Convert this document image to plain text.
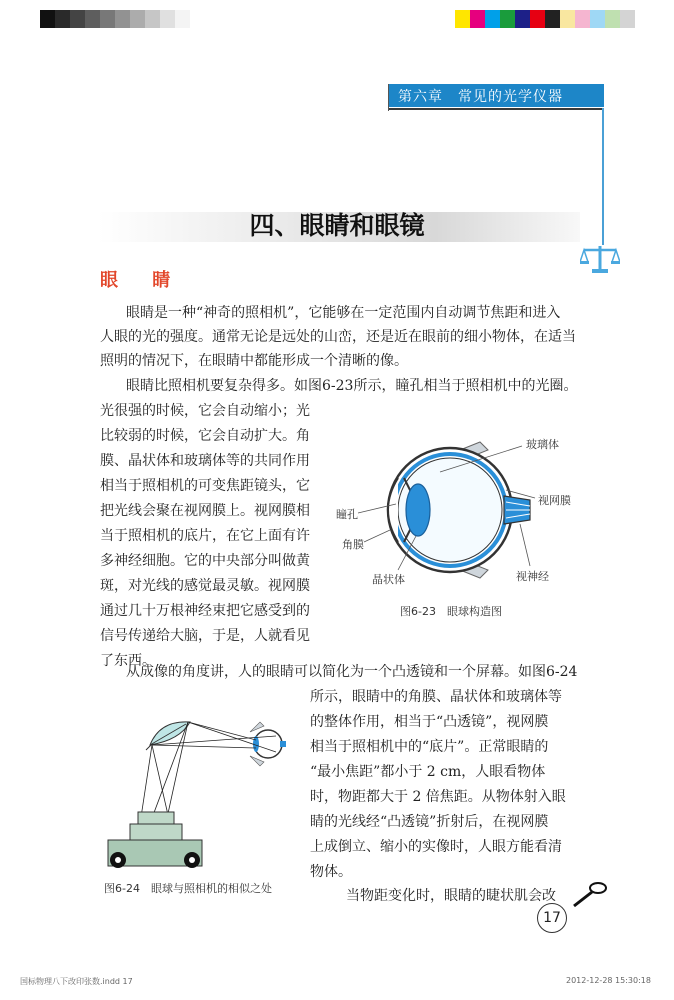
第六章　常见的光学仪器
四、眼睛和眼镜
眼 睛
眼睛是一种“神奇的照相机”，它能够在一定范围内自动调节焦距和进入
人眼的光的强度。通常无论是远处的山峦，还是近在眼前的细小物体，在适当
照明的情况下，在眼睛中都能形成一个清晰的像。
眼睛比照相机要复杂得多。如图6-23所示，瞳孔相当于照相机中的光圈。
光很强的时候，它会自动缩小；光
比较弱的时候，它会自动扩大。角
膜、晶状体和玻璃体等的共同作用
相当于照相机的可变焦距镜头，它
把光线会聚在视网膜上。视网膜相
当于照相机的底片，在它上面有许
多神经细胞。它的中央部分叫做黄
斑，对光线的感觉最灵敏。视网膜
通过几十万根神经束把它感受到的
信号传递给大脑，于是，人就看见
了东西。
玻璃体
视网膜
瞳孔
角膜
晶状体	视神经
图6-23　眼球构造图
从成像的角度讲，人的眼睛可以简化为一个凸透镜和一个屏幕。如图6-24
所示，眼睛中的角膜、晶状体和玻璃体等
的整体作用，相当于“凸透镜”，视网膜
相当于照相机中的“底片”。正常眼睛的
“最小焦距”都小于 2 cm，人眼看物体
时，物距都大于 2 倍焦距。从物体射入眼
睛的光线经“凸透镜”折射后，在视网膜
上成倒立、缩小的实像时，人眼方能看清
物体。
当物距变化时，眼睛的睫状肌会改
图6-24　眼球与照相机的相似之处
17
国标物理八下改印张数.indd 17	2012-12-28 15:30:18
